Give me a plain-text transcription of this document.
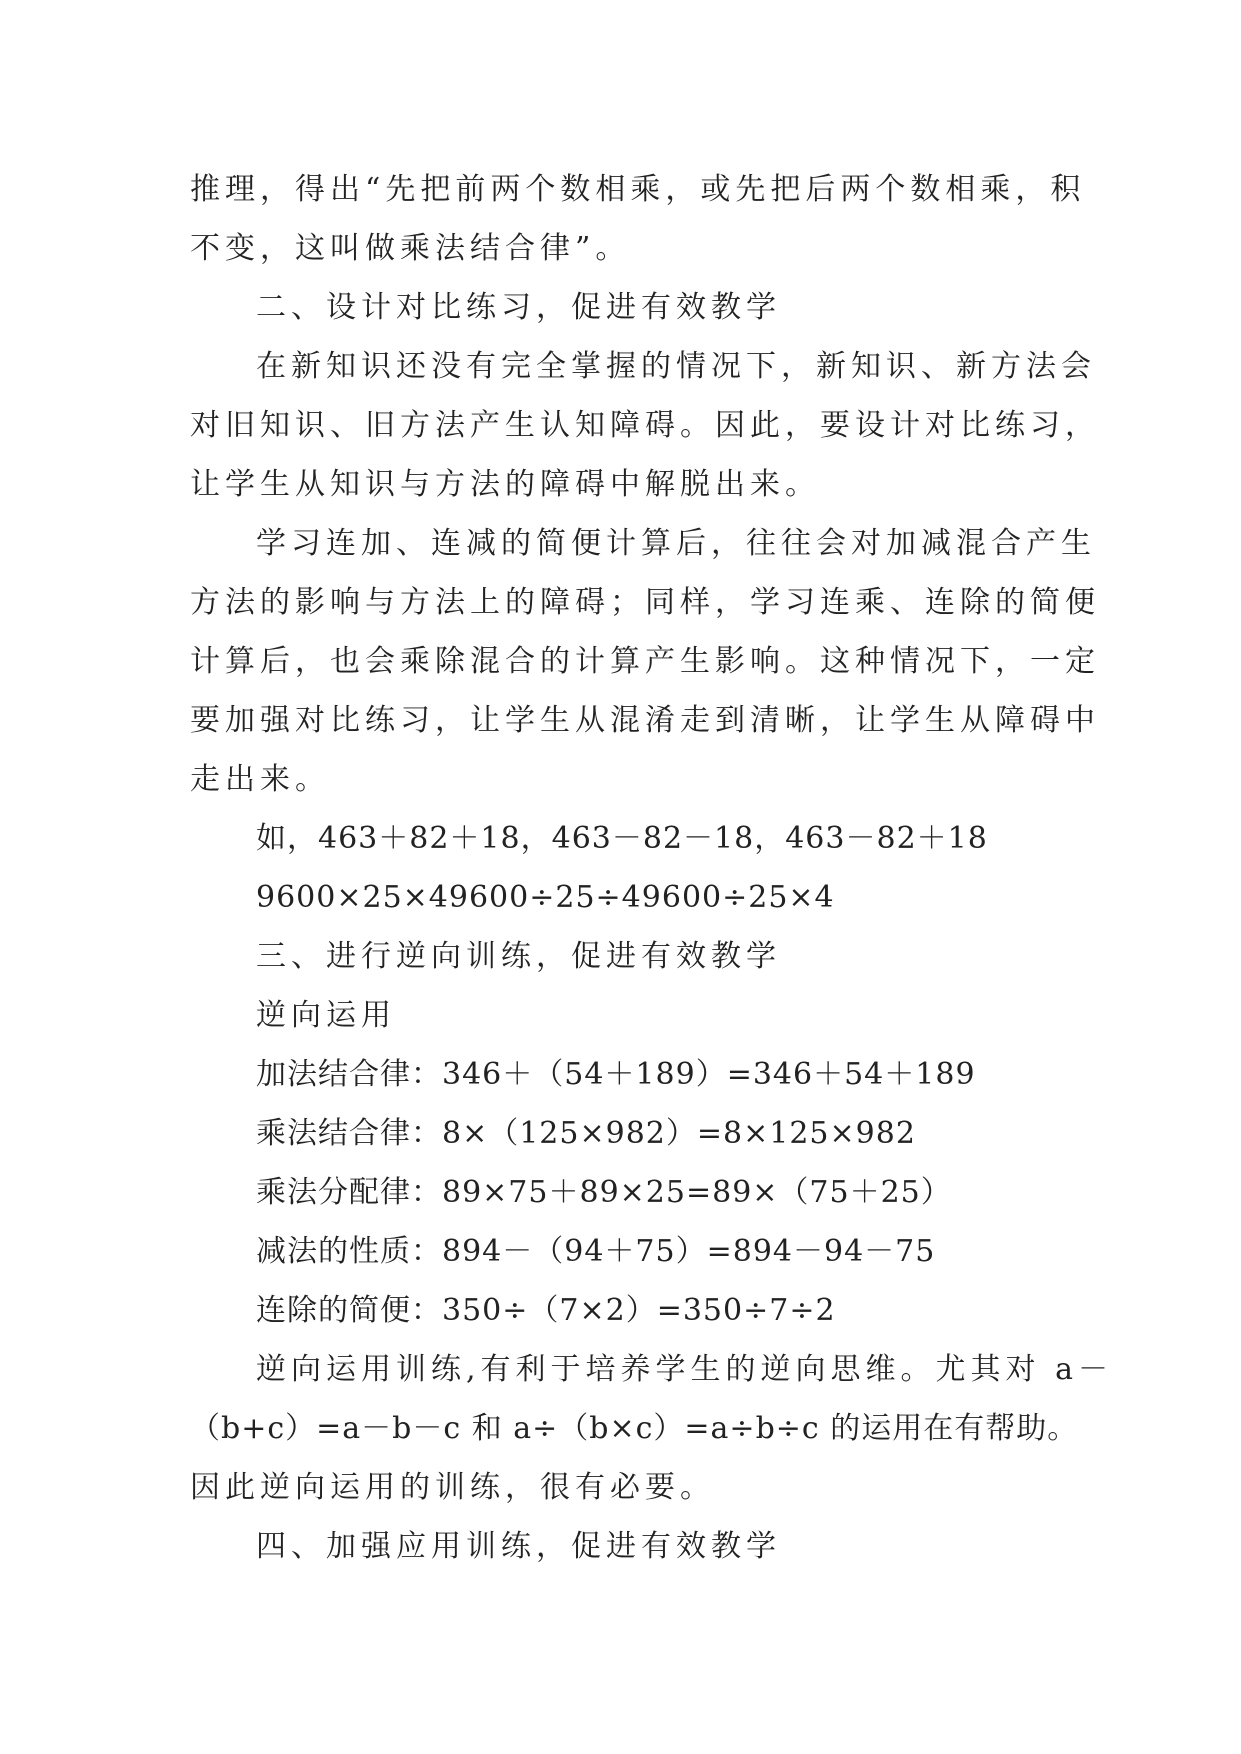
推理，得出“先把前两个数相乘，或先把后两个数相乘，积

不变，这叫做乘法结合律”。

二、设计对比练习，促进有效教学

在新知识还没有完全掌握的情况下，新知识、新方法会

对旧知识、旧方法产生认知障碍。因此，要设计对比练习，

让学生从知识与方法的障碍中解脱出来。

学习连加、连减的简便计算后，往往会对加减混合产生

方法的影响与方法上的障碍；同样，学习连乘、连除的简便

计算后，也会乘除混合的计算产生影响。这种情况下，一定

要加强对比练习，让学生从混淆走到清晰，让学生从障碍中

走出来。

如，463＋82＋18，463－82－18，463－82＋18

9600×25×49600÷25÷49600÷25×4

三、进行逆向训练，促进有效教学

逆向运用

加法结合律：346＋（54＋189）=346＋54＋189

乘法结合律：8×（125×982）=8×125×982

乘法分配律：89×75＋89×25=89×（75＋25）

减法的性质：894－（94＋75）=894－94－75

连除的简便：350÷（7×2）=350÷7÷2

逆向运用训练,有利于培养学生的逆向思维。尤其对 a－

（b+c）=a－b－c 和 a÷（b×c）=a÷b÷c 的运用在有帮助。

因此逆向运用的训练，很有必要。

四、加强应用训练，促进有效教学
